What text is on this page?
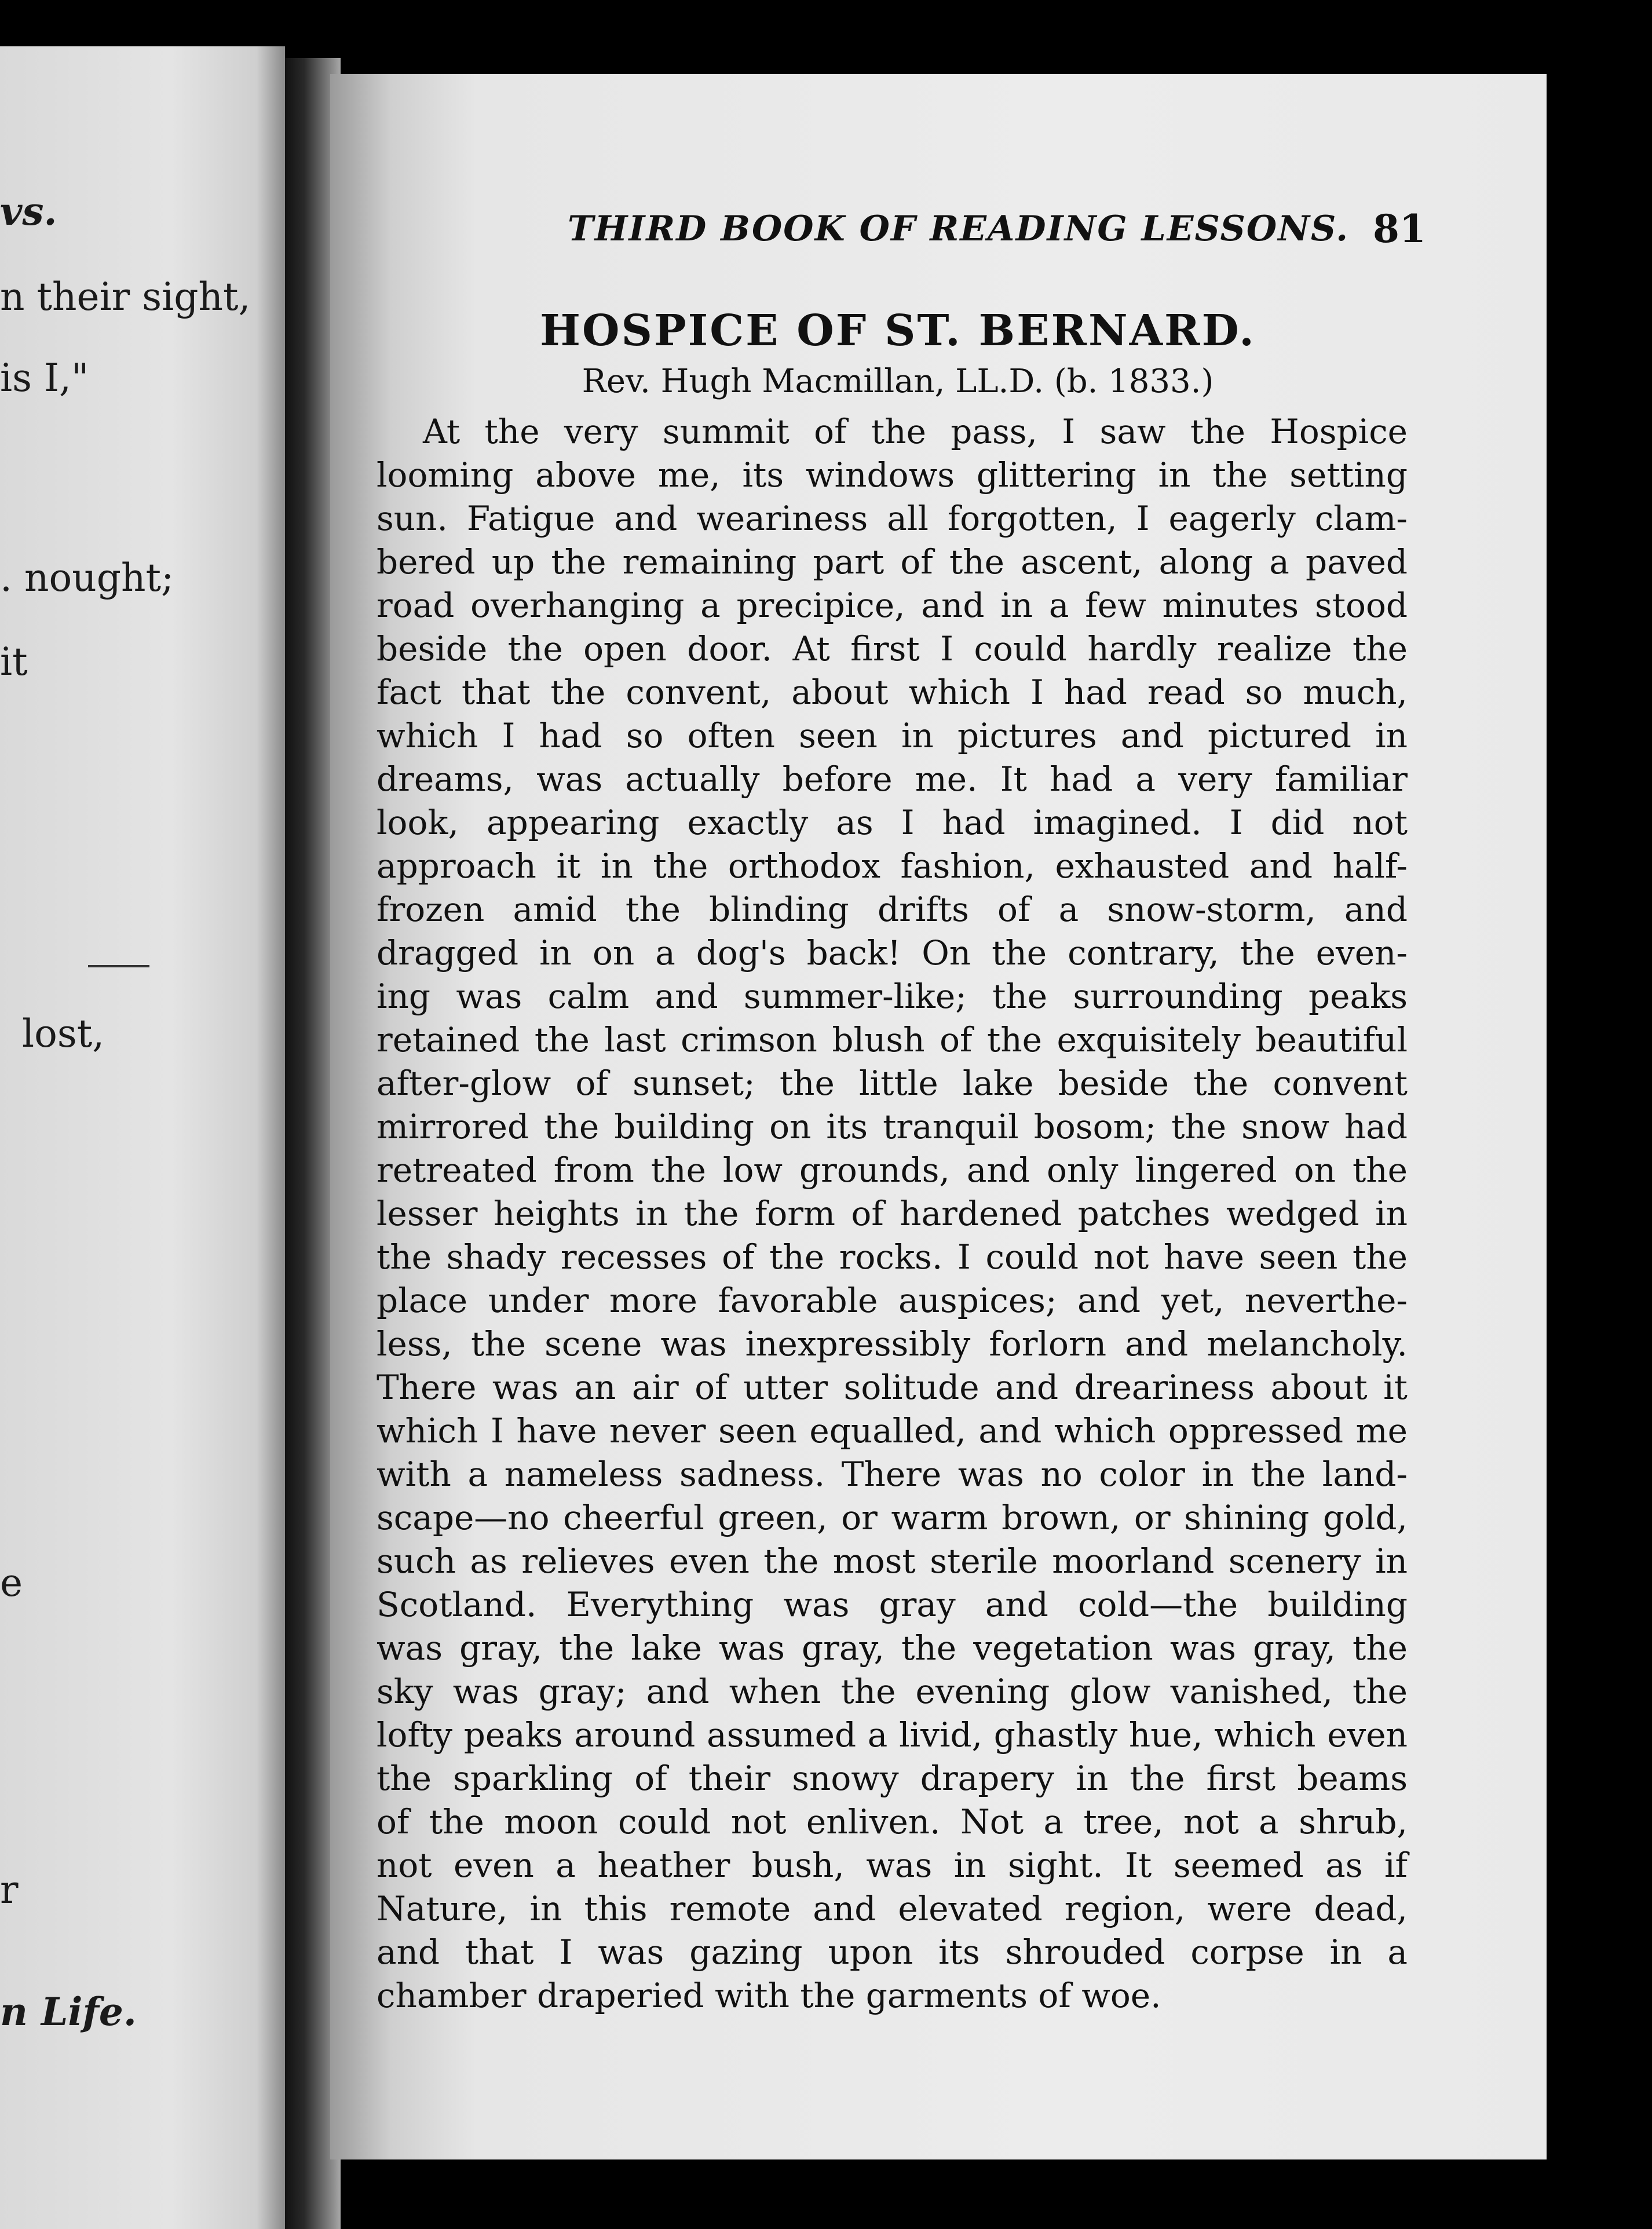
vs.
n their sight,
is I,"
. nought;
it
lost,
e
r
n Life.
THIRD BOOK OF READING LESSONS. 81
HOSPICE OF ST. BERNARD.
Rev. Hugh Macmillan, LL.D. (b. 1833.)
At the very summit of the pass, I saw the Hospice
looming above me, its windows glittering in the setting
sun. Fatigue and weariness all forgotten, I eagerly clam-
bered up the remaining part of the ascent, along a paved
road overhanging a precipice, and in a few minutes stood
beside the open door. At first I could hardly realize the
fact that the convent, about which I had read so much,
which I had so often seen in pictures and pictured in
dreams, was actually before me. It had a very familiar
look, appearing exactly as I had imagined. I did not
approach it in the orthodox fashion, exhausted and half-
frozen amid the blinding drifts of a snow-storm, and
dragged in on a dog's back! On the contrary, the even-
ing was calm and summer-like; the surrounding peaks
retained the last crimson blush of the exquisitely beautiful
after-glow of sunset; the little lake beside the convent
mirrored the building on its tranquil bosom; the snow had
retreated from the low grounds, and only lingered on the
lesser heights in the form of hardened patches wedged in
the shady recesses of the rocks. I could not have seen the
place under more favorable auspices; and yet, neverthe-
less, the scene was inexpressibly forlorn and melancholy.
There was an air of utter solitude and dreariness about it
which I have never seen equalled, and which oppressed me
with a nameless sadness. There was no color in the land-
scape—no cheerful green, or warm brown, or shining gold,
such as relieves even the most sterile moorland scenery in
Scotland. Everything was gray and cold—the building
was gray, the lake was gray, the vegetation was gray, the
sky was gray; and when the evening glow vanished, the
lofty peaks around assumed a livid, ghastly hue, which even
the sparkling of their snowy drapery in the first beams
of the moon could not enliven. Not a tree, not a shrub,
not even a heather bush, was in sight. It seemed as if
Nature, in this remote and elevated region, were dead,
and that I was gazing upon its shrouded corpse in a
chamber draperied with the garments of woe.
